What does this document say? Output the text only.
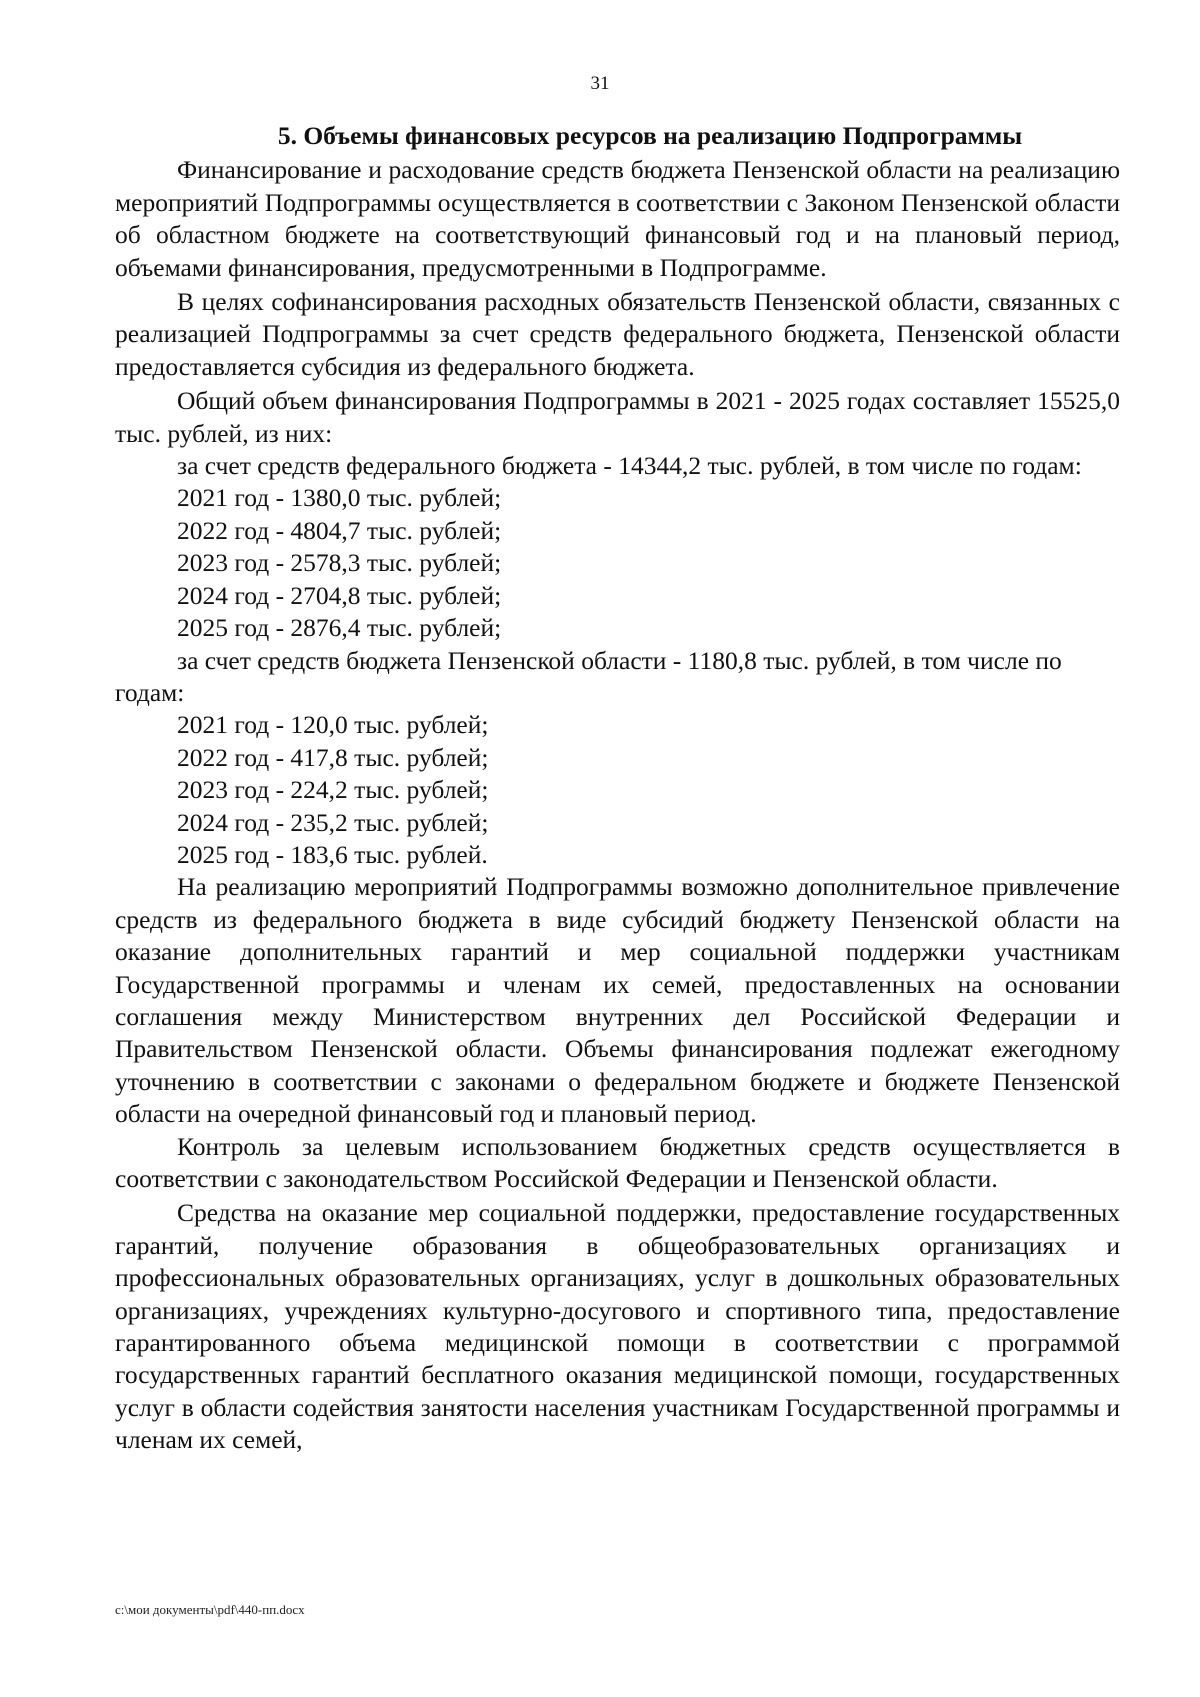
31
5. Объемы финансовых ресурсов на реализацию Подпрограммы

Финансирование и расходование средств бюджета Пензенской области на реализацию мероприятий Подпрограммы осуществляется в соответствии с Законом Пензенской области об областном бюджете на соответствующий финансовый год и на плановый период, объемами финансирования, предусмотренными в Подпрограмме.

В целях софинансирования расходных обязательств Пензенской области, связанных с реализацией Подпрограммы за счет средств федерального бюджета, Пензенской области предоставляется субсидия из федерального бюджета.

Общий объем финансирования Подпрограммы в 2021 - 2025 годах составляет 15525,0 тыс. рублей, из них:

за счет средств федерального бюджета - 14344,2 тыс. рублей, в том числе по годам:

2021 год - 1380,0 тыс. рублей;

2022 год - 4804,7 тыс. рублей;

2023 год - 2578,3 тыс. рублей;

2024 год - 2704,8 тыс. рублей;

2025 год - 2876,4 тыс. рублей;

за счет средств бюджета Пензенской области - 1180,8 тыс. рублей, в том числе по годам:

2021 год - 120,0 тыс. рублей;

2022 год - 417,8 тыс. рублей;

2023 год - 224,2 тыс. рублей;

2024 год - 235,2 тыс. рублей;

2025 год - 183,6 тыс. рублей.

На реализацию мероприятий Подпрограммы возможно дополнительное привлечение средств из федерального бюджета в виде субсидий бюджету Пензенской области на оказание дополнительных гарантий и мер социальной поддержки участникам Государственной программы и членам их семей, предоставленных на основании соглашения между Министерством внутренних дел Российской Федерации и Правительством Пензенской области. Объемы финансирования подлежат ежегодному уточнению в соответствии с законами о федеральном бюджете и бюджете Пензенской области на очередной финансовый год и плановый период.

Контроль за целевым использованием бюджетных средств осуществляется в соответствии с законодательством Российской Федерации и Пензенской области.

Средства на оказание мер социальной поддержки, предоставление государственных гарантий, получение образования в общеобразовательных организациях и профессиональных образовательных организациях, услуг в дошкольных образовательных организациях, учреждениях культурно-досугового и спортивного типа, предоставление гарантированного объема медицинской помощи в соответствии с программой государственных гарантий бесплатного оказания медицинской помощи, государственных услуг в области содействия занятости населения участникам Государственной программы и членам их семей,

c:\мои документы\pdf\440-пп.docx
